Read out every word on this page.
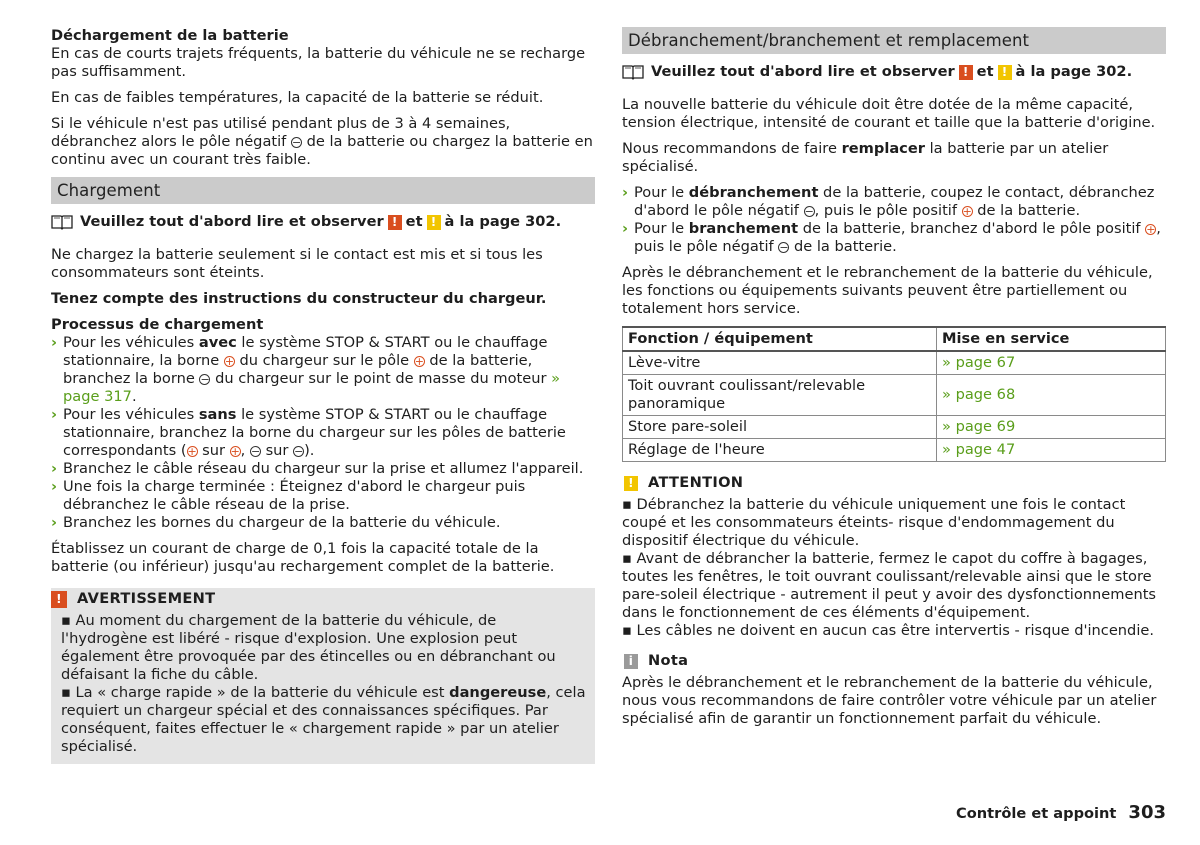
Déchargement de la batterie

En cas de courts trajets fréquents, la batterie du véhicule ne se recharge pas suffisamment.

En cas de faibles températures, la capacité de la batterie se réduit.

Si le véhicule n'est pas utilisé pendant plus de 3 à 4 semaines, débranchez alors le pôle négatif − de la batterie ou chargez la batterie en continu avec un courant très faible.

Chargement
Veuillez tout d'abord lire et observer ! et ! à la page 302.

Ne chargez la batterie seulement si le contact est mis et si tous les consommateurs sont éteints.

Tenez compte des instructions du constructeur du chargeur.

Processus de chargement

› Pour les véhicules avec le système STOP & START ou le chauffage stationnaire, la borne + du chargeur sur le pôle + de la batterie, branchez la borne − du chargeur sur le point de masse du moteur » page 317.

› Pour les véhicules sans le système STOP & START ou le chauffage stationnaire, branchez la borne du chargeur sur les pôles de batterie correspondants (+ sur +, − sur −).

› Branchez le câble réseau du chargeur sur la prise et allumez l'appareil.

› Une fois la charge terminée : Éteignez d'abord le chargeur puis débranchez le câble réseau de la prise.

› Branchez les bornes du chargeur de la batterie du véhicule.

Établissez un courant de charge de 0,1 fois la capacité totale de la batterie (ou inférieur) jusqu'au rechargement complet de la batterie.

!	AVERTISSEMENT

▪ Au moment du chargement de la batterie du véhicule, de l'hydrogène est libéré - risque d'explosion. Une explosion peut également être provoquée par des étincelles ou en débranchant ou défaisant la fiche du câble.

▪ La « charge rapide » de la batterie du véhicule est dangereuse, cela requiert un chargeur spécial et des connaissances spécifiques. Par conséquent, faites effectuer le « chargement rapide » par un atelier spécialisé.

Débranchement/branchement et remplacement
Veuillez tout d'abord lire et observer ! et ! à la page 302.

La nouvelle batterie du véhicule doit être dotée de la même capacité, tension électrique, intensité de courant et taille que la batterie d'origine.

Nous recommandons de faire remplacer la batterie par un atelier spécialisé.

› Pour le débranchement de la batterie, coupez le contact, débranchez d'abord le pôle négatif −, puis le pôle positif + de la batterie.

› Pour le branchement de la batterie, branchez d'abord le pôle positif +, puis le pôle négatif − de la batterie.

Après le débranchement et le rebranchement de la batterie du véhicule, les fonctions ou équipements suivants peuvent être partiellement ou totalement hors service.

Fonction / équipement	Mise en service
Lève-vitre	» page 67
Toit ouvrant coulissant/relevable panoramique	» page 68
Store pare-soleil	» page 69
Réglage de l'heure	» page 47
! ATTENTION

▪ Débranchez la batterie du véhicule uniquement une fois le contact coupé et les consommateurs éteints- risque d'endommagement du dispositif électrique du véhicule.

▪ Avant de débrancher la batterie, fermez le capot du coffre à bagages, toutes les fenêtres, le toit ouvrant coulissant/relevable ainsi que le store pare-soleil électrique - autrement il peut y avoir des dysfonctionnements dans le fonctionnement de ces éléments d'équipement.

▪ Les câbles ne doivent en aucun cas être intervertis - risque d'incendie.

i	Nota

Après le débranchement et le rebranchement de la batterie du véhicule, nous vous recommandons de faire contrôler votre véhicule par un atelier spécialisé afin de garantir un fonctionnement parfait du véhicule.

Contrôle et appoint 303
